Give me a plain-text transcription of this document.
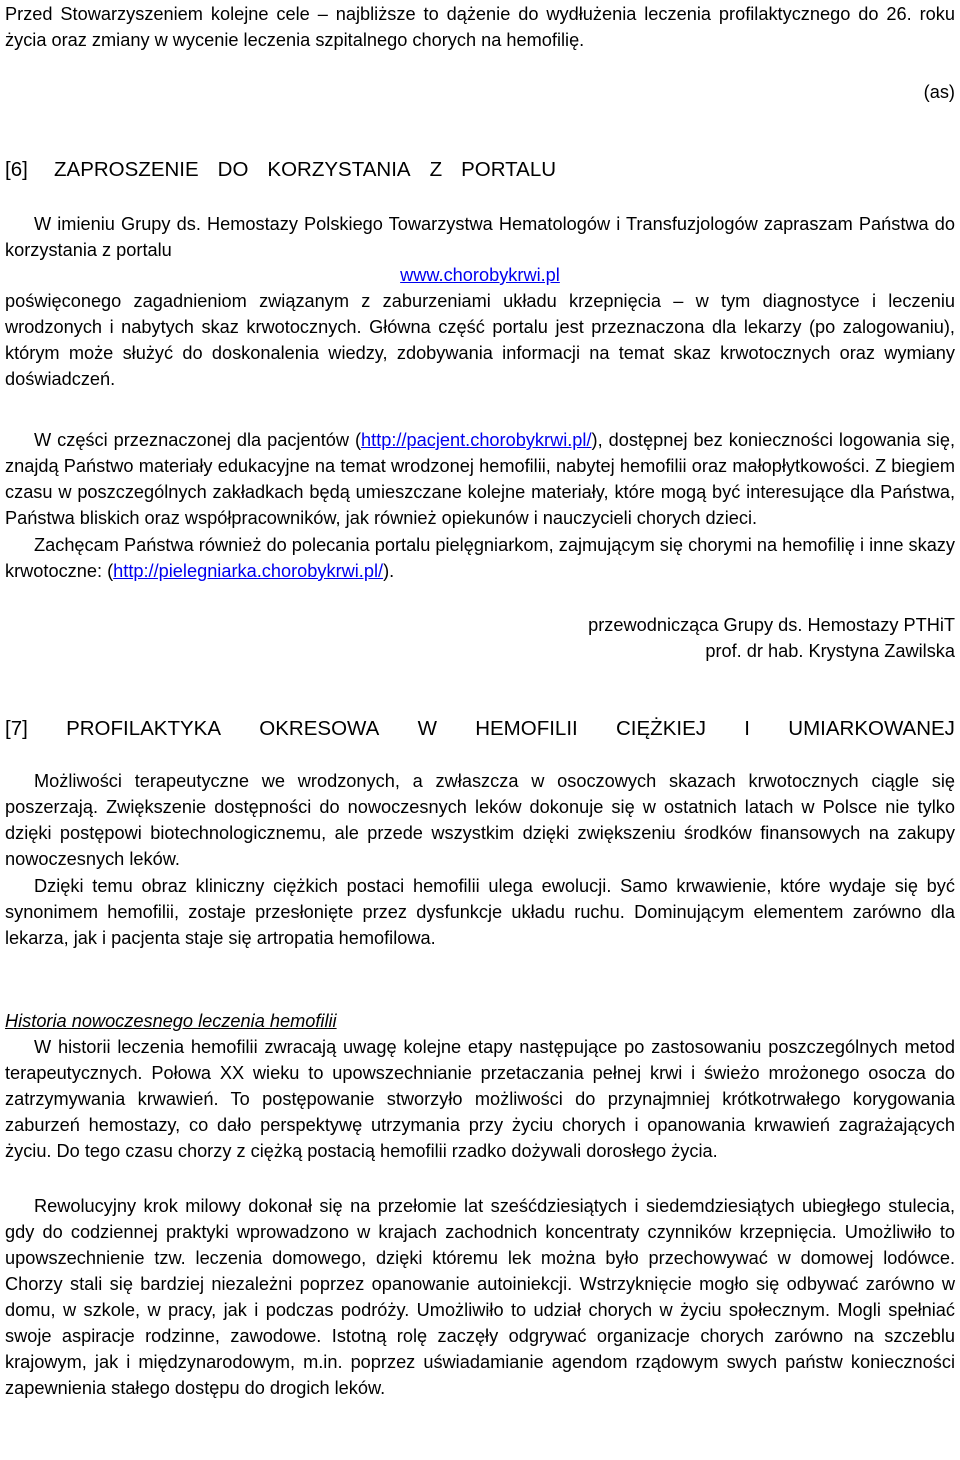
Przed Stowarzyszeniem kolejne cele – najbliższe to dążenie do wydłużenia leczenia profilaktycznego do 26. roku życia oraz zmiany w wycenie leczenia szpitalnego chorych na hemofilię.

(as)

[6] ZAPROSZENIE DO KORZYSTANIA Z PORTALU

W imieniu Grupy ds. Hemostazy Polskiego Towarzystwa Hematologów i Transfuzjologów zapraszam Państwa do korzystania z portalu

www.chorobykrwi.pl

poświęconego zagadnieniom związanym z zaburzeniami układu krzepnięcia – w tym diagnostyce i leczeniu wrodzonych i nabytych skaz krwotocznych. Główna część portalu jest przeznaczona dla lekarzy (po zalogowaniu), którym może służyć do doskonalenia wiedzy, zdobywania informacji na temat skaz krwotocznych oraz wymiany doświadczeń.

W części przeznaczonej dla pacjentów (http://pacjent.chorobykrwi.pl/), dostępnej bez konieczności logowania się, znajdą Państwo materiały edukacyjne na temat wrodzonej hemofilii, nabytej hemofilii oraz małopłytkowości. Z biegiem czasu w poszczególnych zakładkach będą umieszczane kolejne materiały, które mogą być interesujące dla Państwa, Państwa bliskich oraz współpracowników, jak również opiekunów i nauczycieli chorych dzieci.

Zachęcam Państwa również do polecania portalu pielęgniarkom, zajmującym się chorymi na hemofilię i inne skazy krwotoczne: (http://pielegniarka.chorobykrwi.pl/).

przewodnicząca Grupy ds. Hemostazy PTHiT

prof. dr hab. Krystyna Zawilska

[7] PROFILAKTYKA OKRESOWA W HEMOFILII CIĘŻKIEJ I UMIARKOWANEJ

Możliwości terapeutyczne we wrodzonych, a zwłaszcza w osoczowych skazach krwotocznych ciągle się poszerzają. Zwiększenie dostępności do nowoczesnych leków dokonuje się w ostatnich latach w Polsce nie tylko dzięki postępowi biotechnologicznemu, ale przede wszystkim dzięki zwiększeniu środków finansowych na zakupy nowoczesnych leków.

Dzięki temu obraz kliniczny ciężkich postaci hemofilii ulega ewolucji. Samo krwawienie, które wydaje się być synonimem hemofilii, zostaje przesłonięte przez dysfunkcje układu ruchu. Dominującym elementem zarówno dla lekarza, jak i pacjenta staje się artropatia hemofilowa.

Historia nowoczesnego leczenia hemofilii

W historii leczenia hemofilii zwracają uwagę kolejne etapy następujące po zastosowaniu poszczególnych metod terapeutycznych. Połowa XX wieku to upowszechnianie przetaczania pełnej krwi i świeżo mrożonego osocza do zatrzymywania krwawień. To postępowanie stworzyło możliwości do przynajmniej krótkotrwałego korygowania zaburzeń hemostazy, co dało perspektywę utrzymania przy życiu chorych i opanowania krwawień zagrażających życiu. Do tego czasu chorzy z ciężką postacią hemofilii rzadko dożywali dorosłego życia.

Rewolucyjny krok milowy dokonał się na przełomie lat sześćdziesiątych i siedemdziesiątych ubiegłego stulecia, gdy do codziennej praktyki wprowadzono w krajach zachodnich koncentraty czynników krzepnięcia. Umożliwiło to upowszechnienie tzw. leczenia domowego, dzięki któremu lek można było przechowywać w domowej lodówce. Chorzy stali się bardziej niezależni poprzez opanowanie autoiniekcji. Wstrzyknięcie mogło się odbywać zarówno w domu, w szkole, w pracy, jak i podczas podróży. Umożliwiło to udział chorych w życiu społecznym. Mogli spełniać swoje aspiracje rodzinne, zawodowe. Istotną rolę zaczęły odgrywać organizacje chorych zarówno na szczeblu krajowym, jak i międzynarodowym, m.in. poprzez uświadamianie agendom rządowym swych państw konieczności zapewnienia stałego dostępu do drogich leków.
